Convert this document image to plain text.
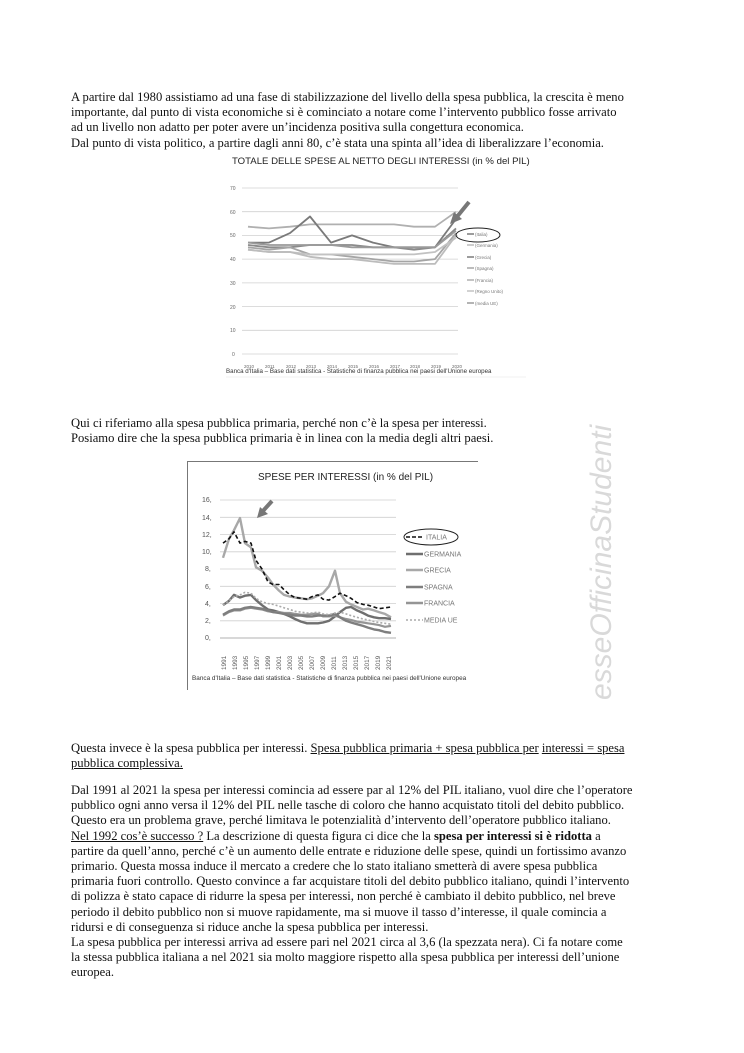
A partire dal 1980 assistiamo ad una fase di stabilizzazione del livello della spesa pubblica, la crescita è meno
importante, dal punto di vista economiche si è cominciato a notare come l’intervento pubblico fosse arrivato
ad un livello non adatto per poter avere un’incidenza positiva sulla congettura economica.
Dal punto di vista politico, a partire dagli anni 80, c’è stata una spinta all’idea di liberalizzare l’economia.
TOTALE DELLE SPESE AL NETTO DEGLI INTERESSI (in % del PIL)
70
60
50
40
30
20
10
0
2010 2011	2012 2013 2014 2015 2016 2017 2018 2019 2020
(Italia)
(Germania)
(Grecia)
(Spagna)
(Francia)
(Regno Unito)
(media UE)
Banca d'Italia – Base dati statistica - Statistiche di finanza pubblica nei paesi dell'Unione europea
Qui ci riferiamo alla spesa pubblica primaria, perché non c’è la spesa per interessi.
Posiamo dire che la spesa pubblica primaria è in linea con la media degli altri paesi.
SPESE PER INTERESSI (in % del PIL)
16,
14,
12,
10,
8,
6,
4,
2,
0,
1991 1993 1995 1997 1999 2001 2003 2005 2007 2009 2011 2013 2015 2017 2019 2021
ITALIA
GERMANIA
GRECIA
SPAGNA
FRANCIA
MEDIA UE
Banca d'Italia – Base dati statistica - Statistiche di finanza pubblica nei paesi dell'Unione europea	esseOfficinaStudenti
Questa invece è la spesa pubblica per interessi. Spesa pubblica primaria + spesa pubblica per interessi = spesa
pubblica complessiva.
Dal 1991 al 2021 la spesa per interessi comincia ad essere par al 12% del PIL italiano, vuol dire che l’operatore
pubblico ogni anno versa il 12% del PIL nelle tasche di coloro che hanno acquistato titoli del debito pubblico.
Questo era un problema grave, perché limitava le potenzialità d’intervento dell’operatore pubblico italiano.
Nel 1992 cos’è successo ? La descrizione di questa figura ci dice che la spesa per interessi si è ridotta a
partire da quell’anno, perché c’è un aumento delle entrate e riduzione delle spese, quindi un fortissimo avanzo
primario. Questa mossa induce il mercato a credere che lo stato italiano smetterà di avere spesa pubblica
primaria fuori controllo. Questo convince a far acquistare titoli del debito pubblico italiano, quindi l’intervento
di polizza è stato capace di ridurre la spesa per interessi, non perché è cambiato il debito pubblico, nel breve
periodo il debito pubblico non si muove rapidamente, ma si muove il tasso d’interesse, il quale comincia a
ridursi e di conseguenza si riduce anche la spesa pubblica per interessi.
La spesa pubblica per interessi arriva ad essere pari nel 2021 circa al 3,6 (la spezzata nera). Ci fa notare come
la stessa pubblica italiana a nel 2021 sia molto maggiore rispetto alla spesa pubblica per interessi dell’unione
europea.
